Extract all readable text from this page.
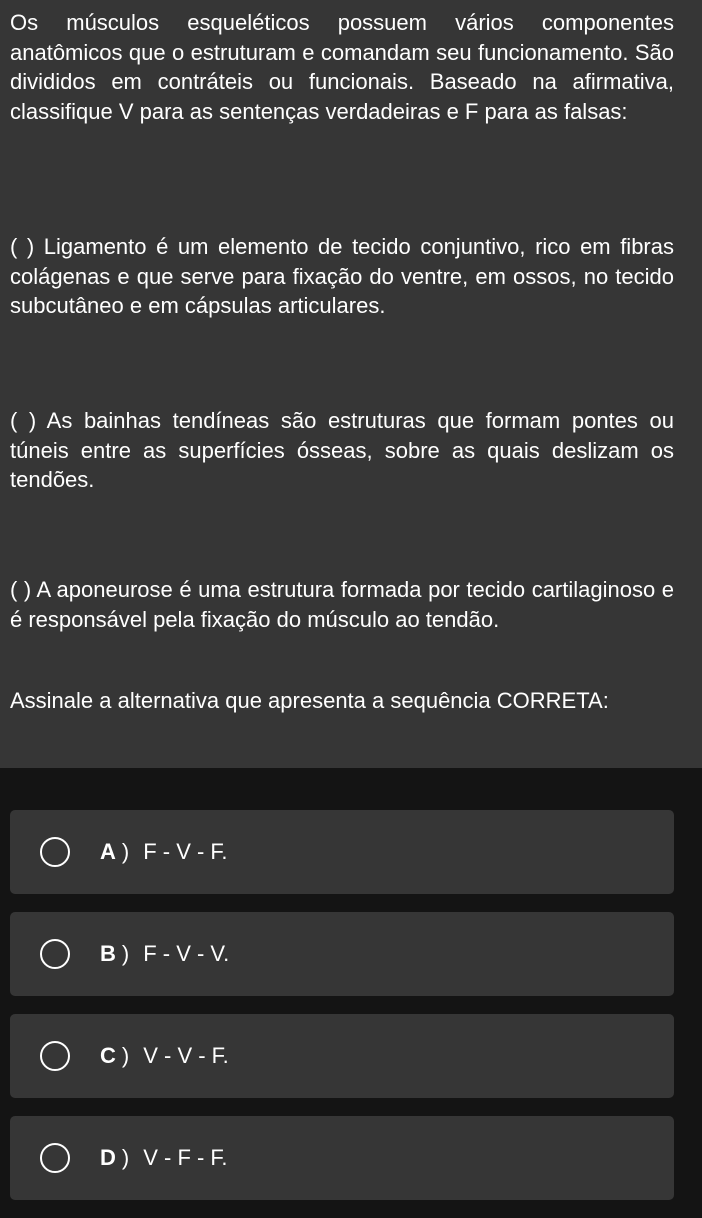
Os músculos esqueléticos possuem vários componentes anatômicos que o estruturam e comandam seu funcionamento. São divididos em contráteis ou funcionais. Baseado na afirmativa, classifique V para as sentenças verdadeiras e F para as falsas:

( ) Ligamento é um elemento de tecido conjuntivo, rico em fibras colágenas e que serve para fixação do ventre, em ossos, no tecido subcutâneo e em cápsulas articulares.

( ) As bainhas tendíneas são estruturas que formam pontes ou túneis entre as superfícies ósseas, sobre as quais deslizam os tendões.

( ) A aponeurose é uma estrutura formada por tecido cartilaginoso e é responsável pela fixação do músculo ao tendão.

Assinale a alternativa que apresenta a sequência CORRETA:

A ) F - V - F.
B ) F - V - V.
C ) V - V - F.
D ) V - F - F.
